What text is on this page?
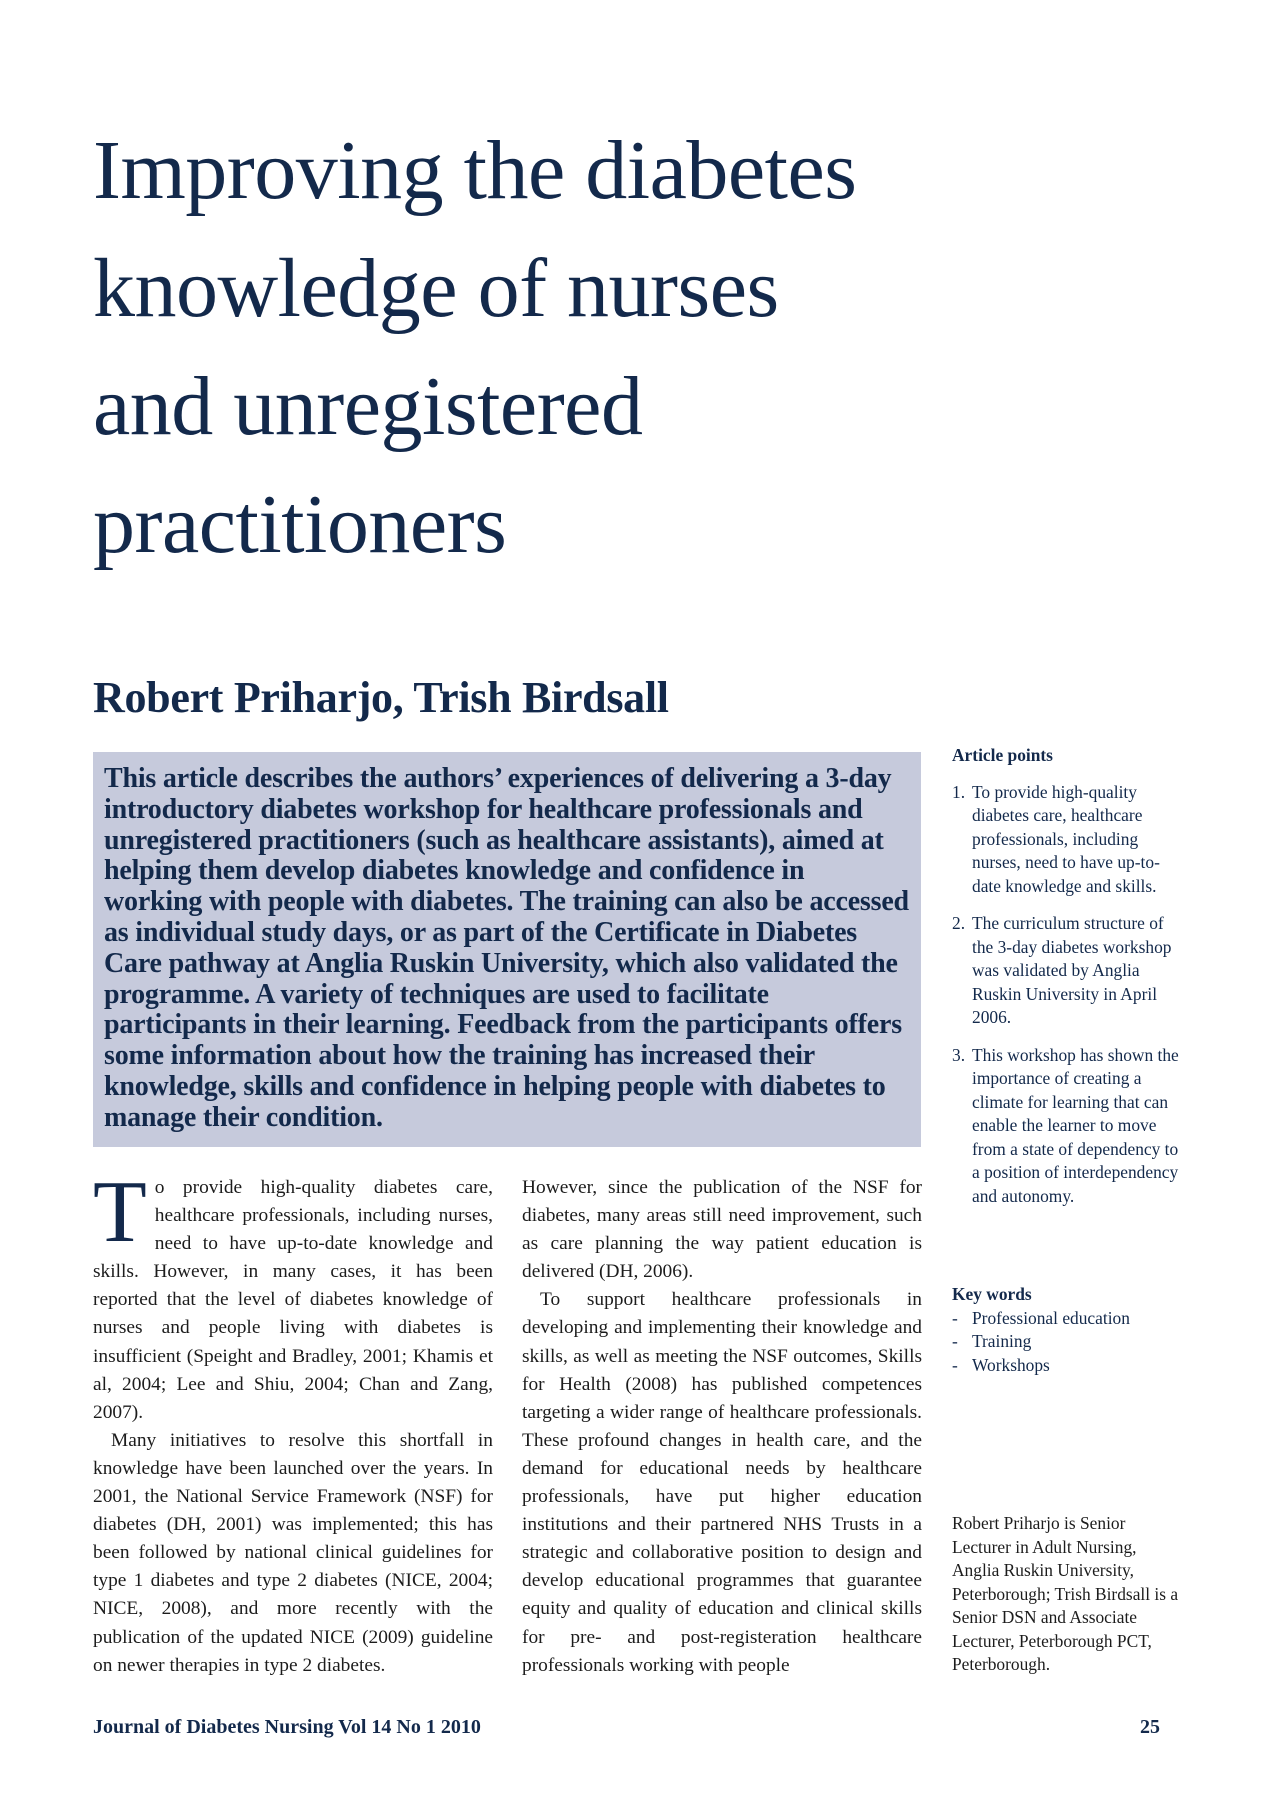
Improving the diabetes
knowledge of nurses
and unregistered
practitioners
Robert Priharjo, Trish Birdsall

This article describes the authors’ experiences of delivering a 3-day introductory diabetes workshop for healthcare professionals and unregistered practitioners (such as healthcare assistants), aimed at helping them develop diabetes knowledge and confidence in working with people with diabetes. The training can also be accessed as individual study days, or as part of the Certificate in Diabetes Care pathway at Anglia Ruskin University, which also validated the programme. A variety of techniques are used to facilitate participants in their learning. Feedback from the participants offers some information about how the training has increased their knowledge, skills and confidence in helping people with diabetes to manage their condition.

To provide high-quality diabetes care, healthcare professionals, including nurses, need to have up-to-date knowledge and skills. However, in many cases, it has been reported that the level of diabetes knowledge of nurses and people living with diabetes is insufficient (Speight and Bradley, 2001; Khamis et al, 2004; Lee and Shiu, 2004; Chan and Zang, 2007).

Many initiatives to resolve this shortfall in knowledge have been launched over the years. In 2001, the National Service Framework (NSF) for diabetes (DH, 2001) was implemented; this has been followed by national clinical guidelines for type 1 diabetes and type 2 diabetes (NICE, 2004; NICE, 2008), and more recently with the publication of the updated NICE (2009) guideline on newer therapies in type 2 diabetes.

However, since the publication of the NSF for diabetes, many areas still need improvement, such as care planning the way patient education is delivered (DH, 2006).

To support healthcare professionals in developing and implementing their knowledge and skills, as well as meeting the NSF outcomes, Skills for Health (2008) has published competences targeting a wider range of healthcare professionals. These profound changes in health care, and the demand for educational needs by healthcare professionals, have put higher education institutions and their partnered NHS Trusts in a strategic and collaborative position to design and develop educational programmes that guarantee equity and quality of education and clinical skills for pre- and post-registeration healthcare professionals working with people

Article points
1. To provide high-quality diabetes care, healthcare professionals, including nurses, need to have up-to-date knowledge and skills.
2. The curriculum structure of the 3-day diabetes workshop was validated by Anglia Ruskin University in April 2006.
3. This workshop has shown the importance of creating a climate for learning that can enable the learner to move from a state of dependency to a position of interdependency and autonomy.
Key words
- Professional education
- Training
- Workshops

Robert Priharjo is Senior Lecturer in Adult Nursing, Anglia Ruskin University, Peterborough; Trish Birdsall is a Senior DSN and Associate Lecturer, Peterborough PCT, Peterborough.

Journal of Diabetes Nursing Vol 14 No 1 2010	25
